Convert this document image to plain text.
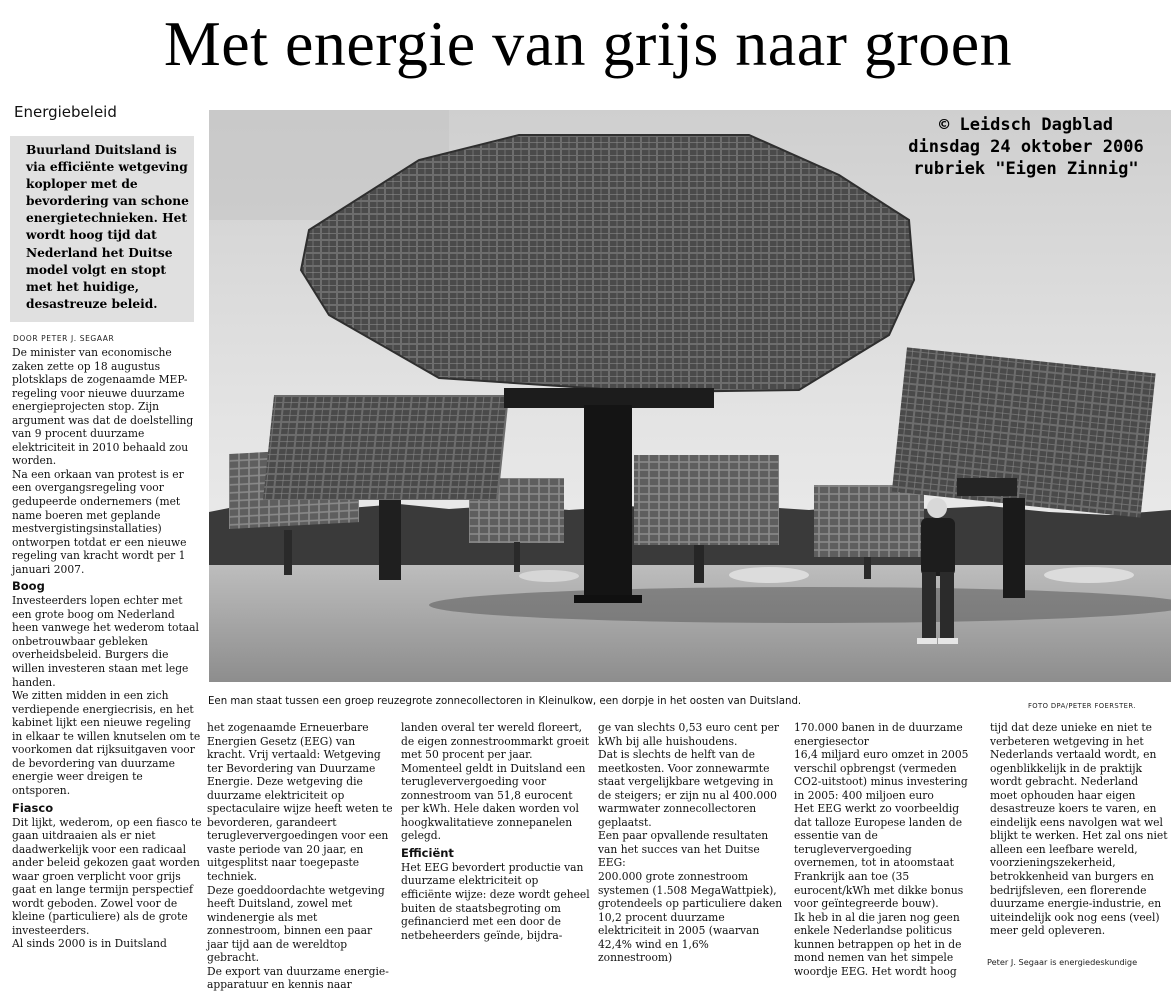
Met energie van grijs naar groen
Energiebeleid
Buurland Duitsland is via efficiënte wetgeving koploper met de bevordering van schone energietechnieken. Het wordt hoog tijd dat Nederland het Duitse model volgt en stopt met het huidige, desastreuze beleid.
DOOR PETER J. SEGAAR

De minister van economische zaken zette op 18 augustus plotsklaps de zogenaamde MEP-regeling voor nieuwe duurzame energieprojecten stop. Zijn argument was dat de doelstelling van 9 procent duurzame elektriciteit in 2010 behaald zou worden.

Na een orkaan van protest is er een overgangsregeling voor gedupeerde ondernemers (met name boeren met geplande mestvergistingsinstallaties) ontworpen totdat er een nieuwe regeling van kracht wordt per 1 januari 2007.

Boog

Investeerders lopen echter met een grote boog om Nederland heen vanwege het wederom totaal onbetrouwbaar gebleken overheidsbeleid. Burgers die willen investeren staan met lege handen.

We zitten midden in een zich verdiepende energiecrisis, en het kabinet lijkt een nieuwe regeling in elkaar te willen knutselen om te voorkomen dat rijksuitgaven voor de bevordering van duurzame energie weer dreigen te ontsporen.

Fiasco

Dit lijkt, wederom, op een fiasco te gaan uitdraaien als er niet daadwerkelijk voor een radicaal ander beleid gekozen gaat worden waar groen verplicht voor grijs gaat en lange termijn perspectief wordt geboden. Zowel voor de kleine (particuliere) als de grote investeerders.

Al sinds 2000 is in Duitsland

© Leidsch Dagblad
dinsdag 24 oktober 2006
rubriek "Eigen Zinnig"
Een man staat tussen een groep reuzegrote zonnecollectoren in Kleinulkow, een dorpje in het oosten van Duitsland.	FOTO DPA/PETER FOERSTER.

het zogenaamde Erneuerbare Energien Gesetz (EEG) van kracht. Vrij vertaald: Wetgeving ter Bevordering van Duurzame Energie. Deze wetgeving die duurzame elektriciteit op spectaculaire wijze heeft weten te bevorderen, garandeert terugleververgoedingen voor een vaste periode van 20 jaar, en uitgesplitst naar toegepaste techniek.

Deze goeddoordachte wetgeving heeft Duitsland, zowel met windenergie als met zonnestroom, binnen een paar jaar tijd aan de wereldtop gebracht.

De export van duurzame energie-apparatuur en kennis naar

landen overal ter wereld floreert, de eigen zonnestroommarkt groeit met 50 procent per jaar.

Momenteel geldt in Duitsland een terugleververgoeding voor zonnestroom van 51,8 eurocent per kWh. Hele daken worden vol hoogkwalitatieve zonnepanelen gelegd.

Efficiënt

Het EEG bevordert productie van duurzame elektriciteit op efficiënte wijze: deze wordt geheel buiten de staatsbegroting om gefinancierd met een door de netbeheerders geïnde, bijdra-

ge van slechts 0,53 euro cent per kWh bij alle huishoudens.

Dat is slechts de helft van de meetkosten. Voor zonnewarmte staat vergelijkbare wetgeving in de steigers; er zijn nu al 400.000 warmwater zonnecollectoren geplaatst.

Een paar opvallende resultaten van het succes van het Duitse EEG:

200.000 grote zonnestroom systemen (1.508 MegaWattpiek), grotendeels op particuliere daken

10,2 procent duurzame elektriciteit in 2005 (waarvan 42,4% wind en 1,6% zonnestroom)

170.000 banen in de duurzame energiesector

16,4 miljard euro omzet in 2005 verschil opbrengst (vermeden CO2-uitstoot) minus investering in 2005: 400 miljoen euro

Het EEG werkt zo voorbeeldig dat talloze Europese landen de essentie van de terugleververgoeding overnemen, tot in atoomstaat Frankrijk aan toe (35 eurocent/kWh met dikke bonus voor geïntegreerde bouw).

Ik heb in al die jaren nog geen enkele Nederlandse politicus kunnen betrappen op het in de mond nemen van het simpele woordje EEG. Het wordt hoog

tijd dat deze unieke en niet te verbeteren wetgeving in het Nederlands vertaald wordt, en ogenblikkelijk in de praktijk wordt gebracht. Nederland moet ophouden haar eigen desastreuze koers te varen, en eindelijk eens navolgen wat wel blijkt te werken. Het zal ons niet alleen een leefbare wereld, voorzieningszekerheid, betrokkenheid van burgers en bedrijfsleven, een florerende duurzame energie-industrie, en uiteindelijk ook nog eens (veel) meer geld opleveren.

Peter J. Segaar is energiedeskundige
